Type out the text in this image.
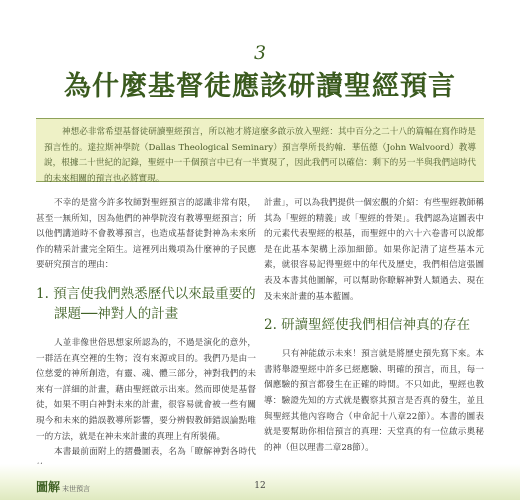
3
為什麼基督徒應該研讀聖經預言
神想必非常希望基督徒研讀聖經預言，所以祂才將這麼多啟示放入聖經：其中百分之二十八的篇幅在寫作時是預言性的。達拉斯神學院（Dallas Theological Seminary）預言學所長約翰．華伍德（John Walvoord）教導說，根據二十世紀的記錄，聖經中一千個預言中已有一半實現了，因此我們可以確信：剩下的另一半與我們這時代的未來相關的預言也必將實現。

不幸的是當今許多牧師對聖經預言的認識非常有限，甚至一無所知，因為他們的神學院沒有教導聖經預言；所以他們講道時不會教導預言，也造成基督徒對神為未來所作的精采計畫完全陌生。這裡列出幾項為什麼神的子民應要研究預言的理由：

1. 預言使我們熟悉歷代以來最重要的課題──神對人的計畫

人並非像世俗思想家所認為的，不過是演化的意外，一群活在真空裡的生物；沒有來源或目的。我們乃是由一位慈愛的神所創造，有靈、魂、體三部分，神對我們的未來有一詳細的計畫，藉由聖經啟示出來。然而即使是基督徒，如果不明白神對未來的計畫，很容易就會被一些有關現今和未來的錯誤教導所影響，要分辨假教師錯誤論點唯一的方法，就是在神未來計畫的真理上有所裝備。

本書最前面附上的摺疊圖表，名為「瞭解神對各時代

計畫」，可以為我們提供一個宏觀的介紹：有些聖經教師稱其為「聖經的精義」或「聖經的骨架」。我們認為這圖表中的元素代表聖經的根基，而聖經中的六十六卷書可以說都是在此基本架構上添加細節。如果你記清了這些基本元素，就很容易記得聖經中的年代及歷史，我們相信這張圖表及本書其他圖解，可以幫助你瞭解神對人類過去、現在及未來計畫的基本藍圖。

2. 研讀聖經使我們相信神真的存在

只有神能啟示未來！預言就是將歷史預先寫下來。本書將舉證聖經中許多已經應驗、明確的預言，而且，每一個應驗的預言都發生在正確的時間。不只如此，聖經也教導：驗證先知的方式就是觀察其預言是否真的發生，並且與聖經其他內容吻合（申命記十八章22節）。本書的圖表就是要幫助你相信預言的真理：天堂真的有一位啟示奧秘的神（但以理書二章28節）。

圖解 末世預言	12
